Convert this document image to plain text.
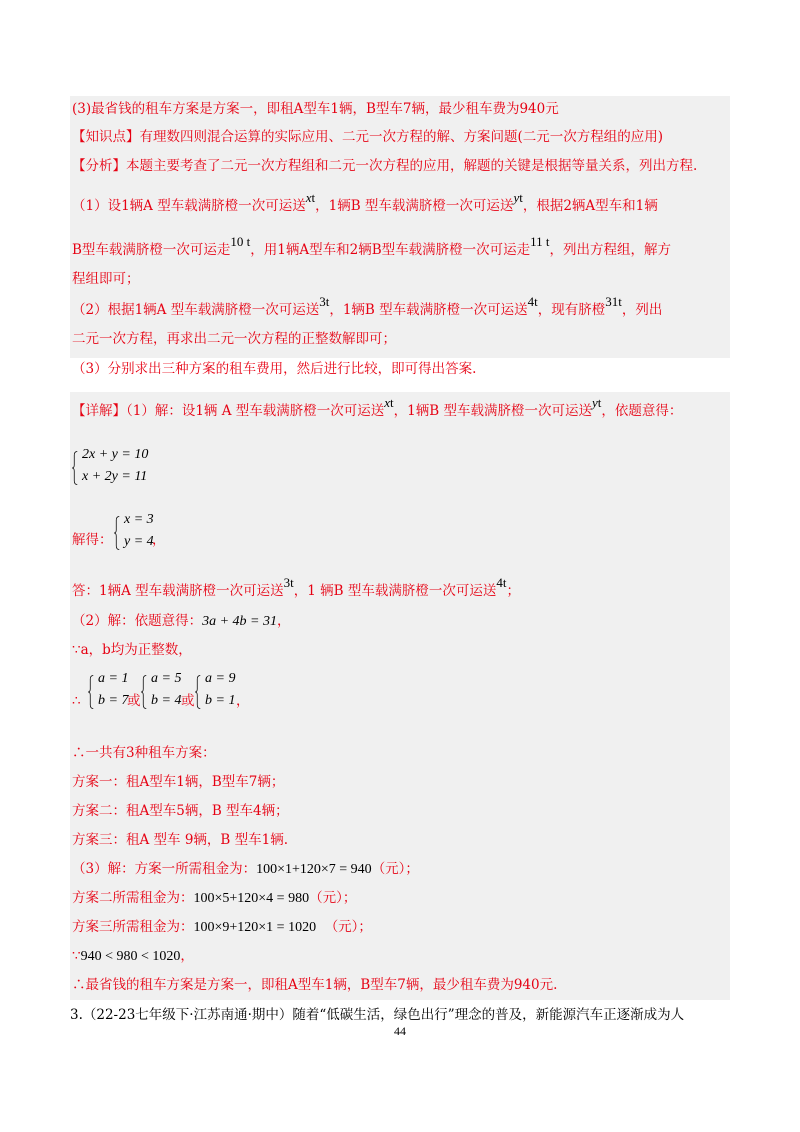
(3)最省钱的租车方案是方案一，即租A型车1辆，B型车7辆，最少租车费为940元
【知识点】有理数四则混合运算的实际应用、二元一次方程的解、方案问题(二元一次方程组的应用)
【分析】本题主要考查了二元一次方程组和二元一次方程的应用，解题的关键是根据等量关系，列出方程.
（1）设1辆A 型车载满脐橙一次可运送xt，1辆B 型车载满脐橙一次可运送yt，根据2辆A型车和1辆
B型车载满脐橙一次可运走10 t，用1辆A型车和2辆B型车载满脐橙一次可运走11 t，列出方程组，解方
程组即可；
（2）根据1辆A 型车载满脐橙一次可运送3t，1辆B 型车载满脐橙一次可运送4t，现有脐橙31t，列出
二元一次方程，再求出二元一次方程的正整数解即可；
（3）分别求出三种方案的租车费用，然后进行比较，即可得出答案.
【详解】（1）解：设1辆 A 型车载满脐橙一次可运送xt，1辆B 型车载满脐橙一次可运送yt，依题意得：
2x + y = 10
x + 2y = 11
解得：
x = 3
y = 4
，
答：1辆A 型车载满脐橙一次可运送3t，1 辆B 型车载满脐橙一次可运送4t；
（2）解：依题意得：3a + 4b = 31，
∵a，b均为正整数，
∴
a = 1
b = 7
或
a = 5
b = 4 或
a = 9
b = 1 ，
∴一共有3种租车方案：
方案一：租A型车1辆，B型车7辆；
方案二：租A型车5辆，B 型车4辆；
方案三：租A 型车 9辆，B 型车1辆.
（3）解：方案一所需租金为：100×1+120×7 = 940（元）；
方案二所需租金为：100×5+120×4 = 980（元）；
方案三所需租金为：100×9+120×1 = 1020 （元）；
∵940 < 980 < 1020，
∴最省钱的租车方案是方案一，即租A型车1辆，B型车7辆，最少租车费为940元.
3.（22-23七年级下·江苏南通·期中）随着“低碳生活，绿色出行”理念的普及，新能源汽车正逐渐成为人
44
